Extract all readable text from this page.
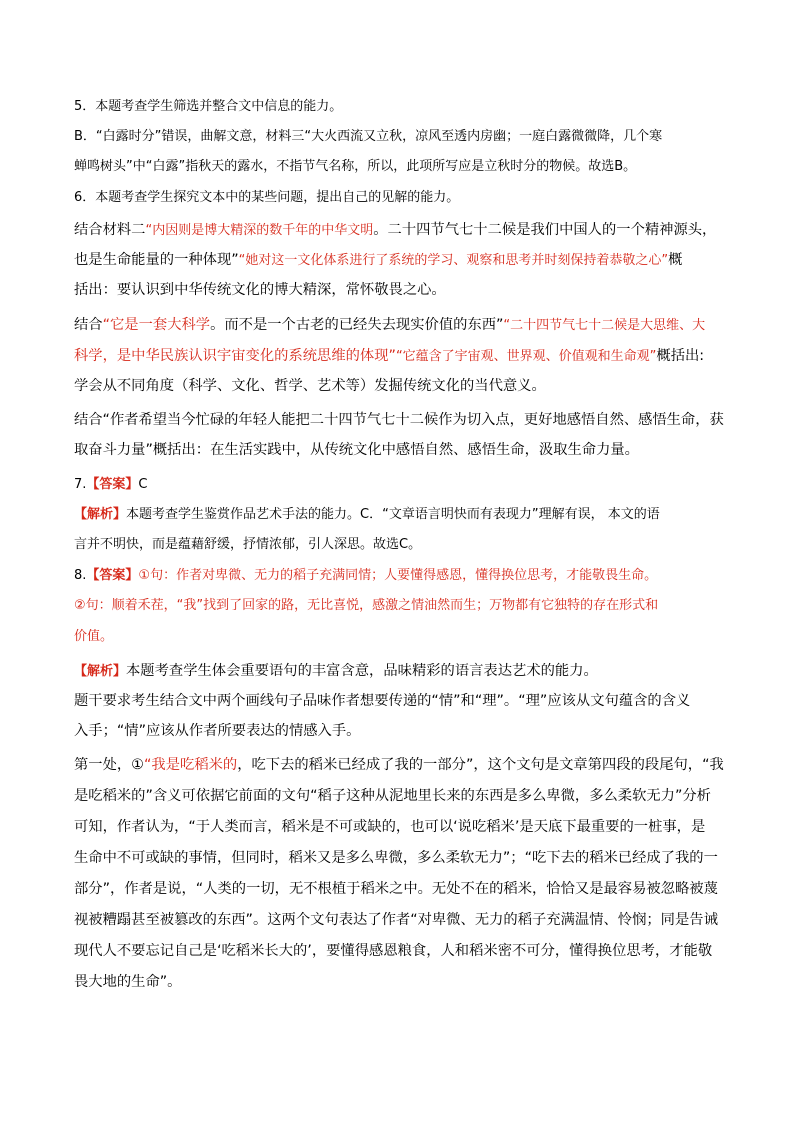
5．本题考查学生筛选并整合文中信息的能力。
B．“白露时分”错误，曲解文意，材料三“大火西流又立秋，凉风至透内房幽；一庭白露微微降，几个寒
蝉鸣树头”中“白露”指秋天的露水，不指节气名称，所以，此项所写应是立秋时分的物候。故选B。
6．本题考查学生探究文本中的某些问题，提出自己的见解的能力。
结合材料二“内因则是博大精深的数千年的中华文明。二十四节气七十二候是我们中国人的一个精神源头，
也是生命能量的一种体现”“她对这一文化体系进行了系统的学习、观察和思考并时刻保持着恭敬之心”概
括出：要认识到中华传统文化的博大精深，常怀敬畏之心。
结合“它是一套大科学。而不是一个古老的已经失去现实价值的东西”“二十四节气七十二候是大思维、大
科学，是中华民族认识宇宙变化的系统思维的体现”“它蕴含了宇宙观、世界观、价值观和生命观”概括出:
学会从不同角度（科学、文化、哲学、艺术等）发掘传统文化的当代意义。
结合“作者希望当今忙碌的年轻人能把二十四节气七十二候作为切入点，更好地感悟自然、感悟生命，获
取奋斗力量”概括出：在生活实践中，从传统文化中感悟自然、感悟生命，汲取生命力量。
7.【答案】C
【解析】本题考查学生鉴赏作品艺术手法的能力。C．“文章语言明快而有表现力”理解有误， 本文的语
言并不明快，而是蕴藉舒缓，抒情浓郁，引人深思。故选C。
8.【答案】①句：作者对卑微、无力的稻子充满同情；人要懂得感恩，懂得换位思考，才能敬畏生命。
②句：顺着禾茬，“我”找到了回家的路，无比喜悦，感激之情油然而生；万物都有它独特的存在形式和
价值。
【解析】本题考查学生体会重要语句的丰富含意，品味精彩的语言表达艺术的能力。
题干要求考生结合文中两个画线句子品味作者想要传递的“情”和“理”。“理”应该从文句蕴含的含义
入手；“情”应该从作者所要表达的情感入手。
第一处，①“我是吃稻米的，吃下去的稻米已经成了我的一部分”，这个文句是文章第四段的段尾句，“我
是吃稻米的”含义可依据它前面的文句“稻子这种从泥地里长来的东西是多么卑微，多么柔软无力”分析
可知，作者认为，“于人类而言，稻米是不可或缺的，也可以‘说吃稻米’是天底下最重要的一桩事，是
生命中不可或缺的事情，但同时，稻米又是多么卑微，多么柔软无力”；“吃下去的稻米已经成了我的一
部分”，作者是说，“人类的一切，无不根植于稻米之中。无处不在的稻米，恰恰又是最容易被忽略被蔑
视被糟蹋甚至被篡改的东西”。这两个文句表达了作者“对卑微、无力的稻子充满温情、怜悯；同是告诫
现代人不要忘记自己是‘吃稻米长大的’，要懂得感恩粮食，人和稻米密不可分，懂得换位思考，才能敬
畏大地的生命”。
